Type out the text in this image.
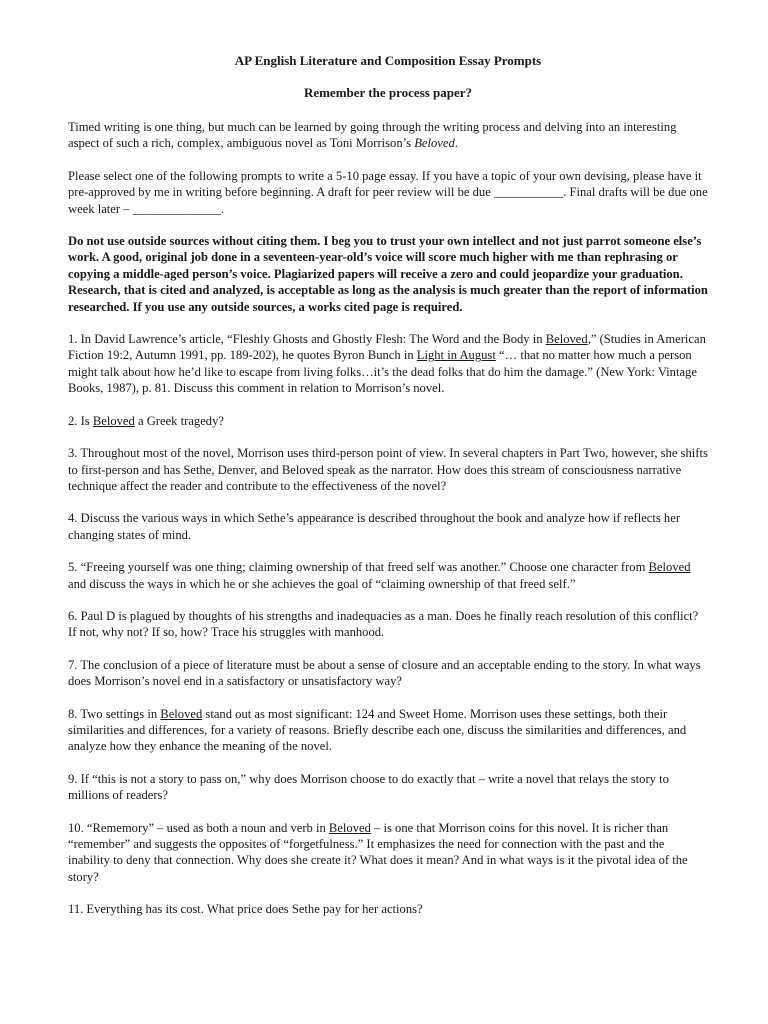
AP English Literature and Composition Essay Prompts
Remember the process paper?

Timed writing is one thing, but much can be learned by going through the writing process and delving into an interesting aspect of such a rich, complex, ambiguous novel as Toni Morrison’s Beloved.

Please select one of the following prompts to write a 5-10 page essay. If you have a topic of your own devising, please have it pre-approved by me in writing before beginning. A draft for peer review will be due ___________. Final drafts will be due one week later – ______________.

Do not use outside sources without citing them. I beg you to trust your own intellect and not just parrot someone else’s work. A good, original job done in a seventeen-year-old’s voice will score much higher with me than rephrasing or copying a middle-aged person’s voice. Plagiarized papers will receive a zero and could jeopardize your graduation. Research, that is cited and analyzed, is acceptable as long as the analysis is much greater than the report of information researched. If you use any outside sources, a works cited page is required.

1. In David Lawrence’s article, “Fleshly Ghosts and Ghostly Flesh: The Word and the Body in Beloved,” (Studies in American Fiction 19:2, Autumn 1991, pp. 189-202), he quotes Byron Bunch in Light in August “… that no matter how much a person might talk about how he’d like to escape from living folks…it’s the dead folks that do him the damage.” (New York: Vintage Books, 1987), p. 81. Discuss this comment in relation to Morrison’s novel.

2. Is Beloved a Greek tragedy?

3. Throughout most of the novel, Morrison uses third-person point of view. In several chapters in Part Two, however, she shifts to first-person and has Sethe, Denver, and Beloved speak as the narrator. How does this stream of consciousness narrative technique affect the reader and contribute to the effectiveness of the novel?

4. Discuss the various ways in which Sethe’s appearance is described throughout the book and analyze how if reflects her changing states of mind.

5. “Freeing yourself was one thing; claiming ownership of that freed self was another.” Choose one character from Beloved and discuss the ways in which he or she achieves the goal of “claiming ownership of that freed self.”

6. Paul D is plagued by thoughts of his strengths and inadequacies as a man. Does he finally reach resolution of this conflict? If not, why not? If so, how? Trace his struggles with manhood.

7. The conclusion of a piece of literature must be about a sense of closure and an acceptable ending to the story. In what ways does Morrison’s novel end in a satisfactory or unsatisfactory way?

8. Two settings in Beloved stand out as most significant: 124 and Sweet Home. Morrison uses these settings, both their similarities and differences, for a variety of reasons. Briefly describe each one, discuss the similarities and differences, and analyze how they enhance the meaning of the novel.

9. If “this is not a story to pass on,” why does Morrison choose to do exactly that – write a novel that relays the story to millions of readers?

10. “Rememory” – used as both a noun and verb in Beloved – is one that Morrison coins for this novel. It is richer than “remember” and suggests the opposites of “forgetfulness.” It emphasizes the need for connection with the past and the inability to deny that connection. Why does she create it? What does it mean? And in what ways is it the pivotal idea of the story?

11. Everything has its cost. What price does Sethe pay for her actions?
